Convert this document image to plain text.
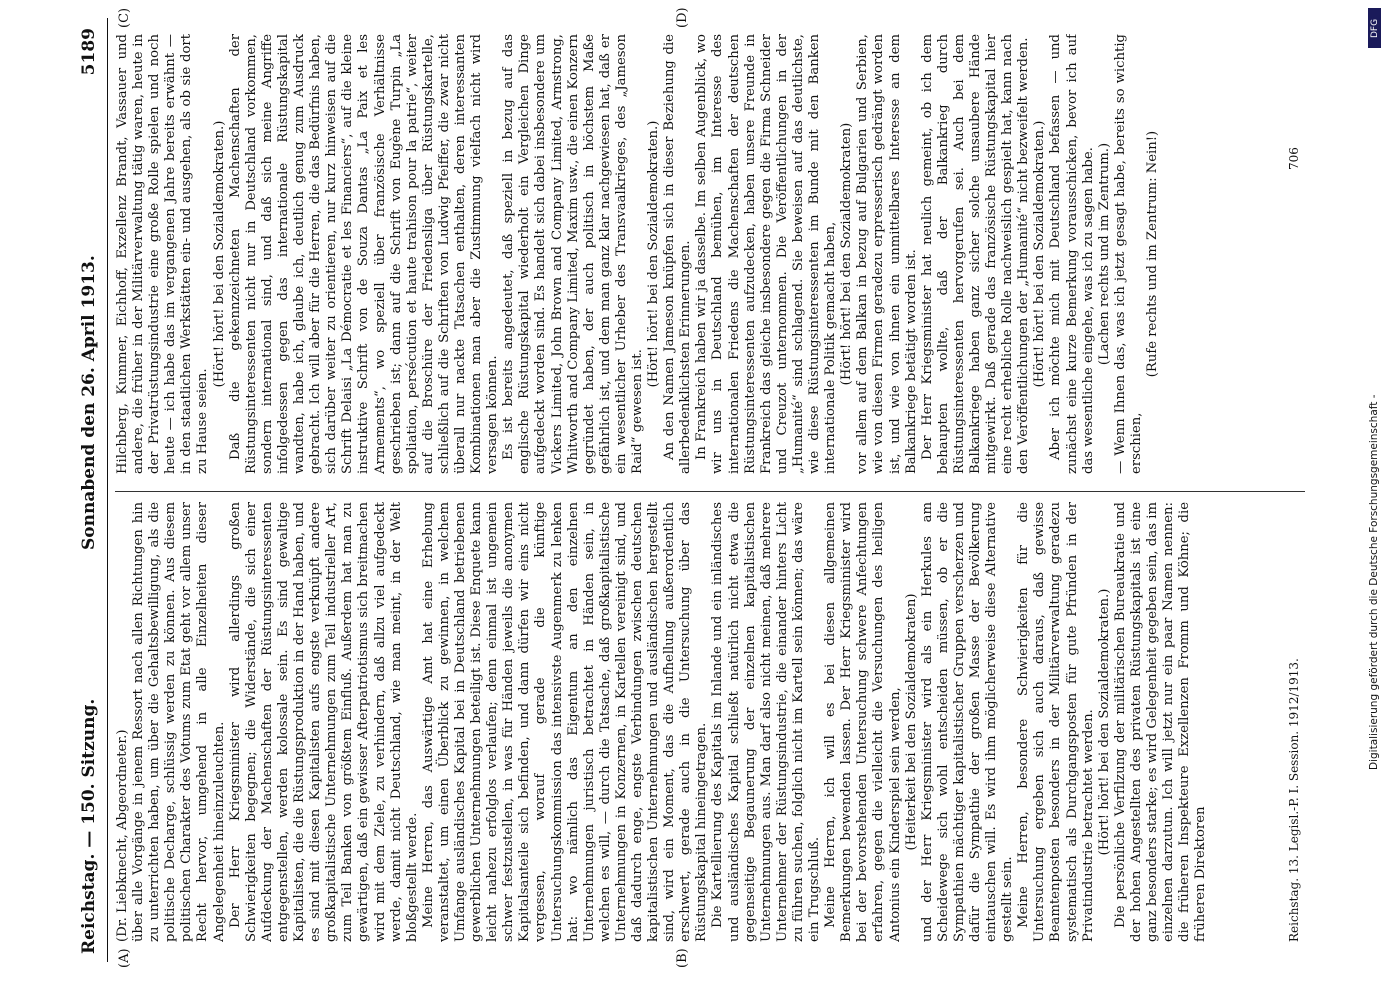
DFG
Digitalisierung gefördert durch die Deutsche Forschungsgemeinschaft -
Reichstag. — 150. Sitzung.
Sonnabend den 26. April 1913.
5189
(A)	(B)
(C)	(D)

(Dr. Liebknecht, Abgeordneter.) über alle Vorgänge in jenem Ressort nach allen Richtungen hin zu unterrichten haben, um über die Gehaltsbewilligung, als die politische Decharge, schlüssig werden zu können. Aus diesem politischen Charakter des Votums zum Etat geht vor allem unser Recht hervor, umgehend in alle Einzelheiten dieser Angelegenheit hineinzuleuchten. Der Herr Kriegsminister wird allerdings großen Schwierigkeiten begegnen; die Widerstände, die sich einer Aufdeckung der Machenschaften der Rüstungsinteressenten entgegenstellen, werden kolossale sein. Es sind gewaltige Kapitalisten, die die Rüstungsproduktion in der Hand haben, und es sind mit diesen Kapitalisten aufs engste verknüpft andere großkapitalistische Unternehmungen zum Teil industrieller Art, zum Teil Banken von größtem Einfluß. Außerdem hat man zu gewärtigen, daß ein gewisser Afterpatriotismus sich breitmachen wird mit dem Ziele, zu verhindern, daß allzu viel aufgedeckt werde, damit nicht Deutschland, wie man meint, in der Welt bloßgestellt werde. Meine Herren, das Auswärtige Amt hat eine Erhebung veranstaltet, um einen Überblick zu gewinnen, in welchem Umfange ausländisches Kapital bei in Deutschland betriebenen gewerblichen Unternehmungen beteiligt ist. Diese Enquete kann leicht nahezu erfolglos verlaufen; denn einmal ist ungemein schwer festzustellen, in was für Händen jeweils die anonymen Kapitalsanteile sich befinden, und dann dürfen wir eins nicht vergessen, worauf gerade die künftige Untersuchungskommission das intensivste Augenmerk zu lenken hat: wo nämlich das Eigentum an den einzelnen Unternehmungen juristisch betrachtet in Händen sein, in welchen es will, — durch die Tatsache, daß großkapitalistische Unternehmungen in Konzernen, in Kartellen vereinigt sind, und daß dadurch enge, engste Verbindungen zwischen deutschen kapitalistischen Unternehmungen und ausländischen hergestellt sind, wird ein Moment, das die Aufhellung außerordentlich erschwert, gerade auch in die Untersuchung über das Rüstungskapital hineingetragen. Die Kartellierung des Kapitals im Inlande und ein inländisches und ausländisches Kapital schließt natürlich nicht etwa die gegenseitige Begaunerung der einzelnen kapitalistischen Unternehmungen aus. Man darf also nicht meinen, daß mehrere Unternehmer der Rüstungsindustrie, die einander hinters Licht zu führen suchen, folglich nicht im Kartell sein können; das wäre ein Trugschluß. Meine Herren, ich will es bei diesen allgemeinen Bemerkungen bewenden lassen. Der Herr Kriegsminister wird bei der bevorstehenden Untersuchung schwere Anfechtungen erfahren, gegen die vielleicht die Versuchungen des heiligen Antonius ein Kinderspiel sein werden, (Heiterkeit bei den Sozialdemokraten) und der Herr Kriegsminister wird als ein Herkules am Scheidewege sich wohl entscheiden müssen, ob er die Sympathien mächtiger kapitalistischer Gruppen verscherzen und dafür die Sympathie der großen Masse der Bevölkerung eintauschen will. Es wird ihm möglicherweise diese Alternative gestellt sein. Meine Herren, besondere Schwierigkeiten für die Untersuchung ergeben sich auch daraus, daß gewisse Beamtenposten besonders in der Militärverwaltung geradezu systematisch als Durchgangsposten für gute Pfründen in der Privatindustrie betrachtet werden. (Hört! hört! bei den Sozialdemokraten.) Die persönliche Verfilzung der militärischen Bureaukratie und der hohen Angestellten des privaten Rüstungskapitals ist eine ganz besonders starke; es wird Gelegenheit gegeben sein, das im einzelnen darzutun. Ich will jetzt nur ein paar Namen nennen: die früheren Inspekteure Exzellenzen Fromm und Köhne; die früheren Direktoren

Hilchberg, Kummer, Eichhoff, Exzellenz Brandt, Vassauer und andere, die früher in der Militärverwaltung tätig waren, heute in der Privatrüstungsindustrie eine große Rolle spielen und noch heute — ich habe das im vergangenen Jahre bereits erwähnt — in den staatlichen Werkstätten ein- und ausgehen, als ob sie dort zu Hause seien.

(Hört! hört! bei den Sozialdemokraten.) Daß die gekennzeichneten Machenschaften der Rüstungsinteressenten nicht nur in Deutschland vorkommen, sondern international sind, und daß sich meine Angriffe infolgedessen gegen das internationale Rüstungskapital wandten, habe ich, glaube ich, deutlich genug zum Ausdruck gebracht. Ich will aber für die Herren, die das Bedürfnis haben, sich darüber weiter zu orientieren, nur kurz hinweisen auf die Schrift Delaisi „La Démocratie et les Financiers“, auf die kleine instruktive Schrift von de Souza Dantas „La Paix et les Armements“, wo speziell über französische Verhältnisse geschrieben ist; dann auf die Schrift von Eugène Turpin „La spoliation, persécution et haute trahison pour la patrie“, weiter auf die Broschüre der Friedensliga über Rüstungskartelle, schließlich auf die Schriften von Ludwig Pfeiffer, die zwar nicht überall nur nackte Tatsachen enthalten, deren interessanten Kombinationen man aber die Zustimmung vielfach nicht wird versagen können. Es ist bereits angedeutet, daß speziell in bezug auf das englische Rüstungskapital wiederholt ein Vergleichen Dinge aufgedeckt worden sind. Es handelt sich dabei insbesondere um Vickers Limited, John Brown and Company Limited, Armstrong, Whitworth and Company Limited, Maxim usw., die einen Konzern gegründet haben, der auch politisch in höchstem Maße gefährlich ist, und dem man ganz klar nachgewiesen hat, daß er ein wesentlicher Urheber des Transvaalkrieges, des „Jameson Raid“ gewesen ist.

(Hört! hört! bei den Sozialdemokraten.) An den Namen Jameson knüpfen sich in dieser Beziehung die allerbedenklichsten Erinnerungen. In Frankreich haben wir ja dasselbe. Im selben Augenblick, wo wir uns in Deutschland bemühen, im Interesse des internationalen Friedens die Machenschaften der deutschen Rüstungsinteressenten aufzudecken, haben unsere Freunde in Frankreich das gleiche insbesondere gegen die Firma Schneider und Creuzot unternommen. Die Veröffentlichungen in der „Humanité“ sind schlagend. Sie beweisen auf das deutlichste, wie diese Rüstungsinteressenten im Bunde mit den Banken internationale Politik gemacht haben, (Hört! hört! bei den Sozialdemokraten) vor allem auf dem Balkan in bezug auf Bulgarien und Serbien, wie von diesen Firmen geradezu erpresserisch gedrängt worden ist, und wie von ihnen ein unmittelbares Interesse an dem Balkankriege betätigt worden ist. Der Herr Kriegsminister hat neulich gemeint, ob ich dem behaupten wollte, daß der Balkankrieg durch Rüstungsinteressenten hervorgerufen sei. Auch bei dem Balkankriege haben ganz sicher solche unsaubere Hände mitgewirkt. Daß gerade das französische Rüstungskapital hier eine recht erhebliche Rolle nachweislich gespielt hat, kann nach den Veröffentlichungen der „Humanité“ nicht bezweifelt werden. (Hört! hört! bei den Sozialdemokraten.) Aber ich möchte mich mit Deutschland befassen — und zunächst eine kurze Bemerkung vorausschicken, bevor ich auf das wesentliche eingehe, was ich zu sagen habe. (Lachen rechts und im Zentrum.) — Wenn Ihnen das, was ich jetzt gesagt habe, bereits so wichtig erschien,

(Rufe rechts und im Zentrum: Nein!)

Reichstag. 13. Legisl.-P. I. Session. 1912/1913.
706
